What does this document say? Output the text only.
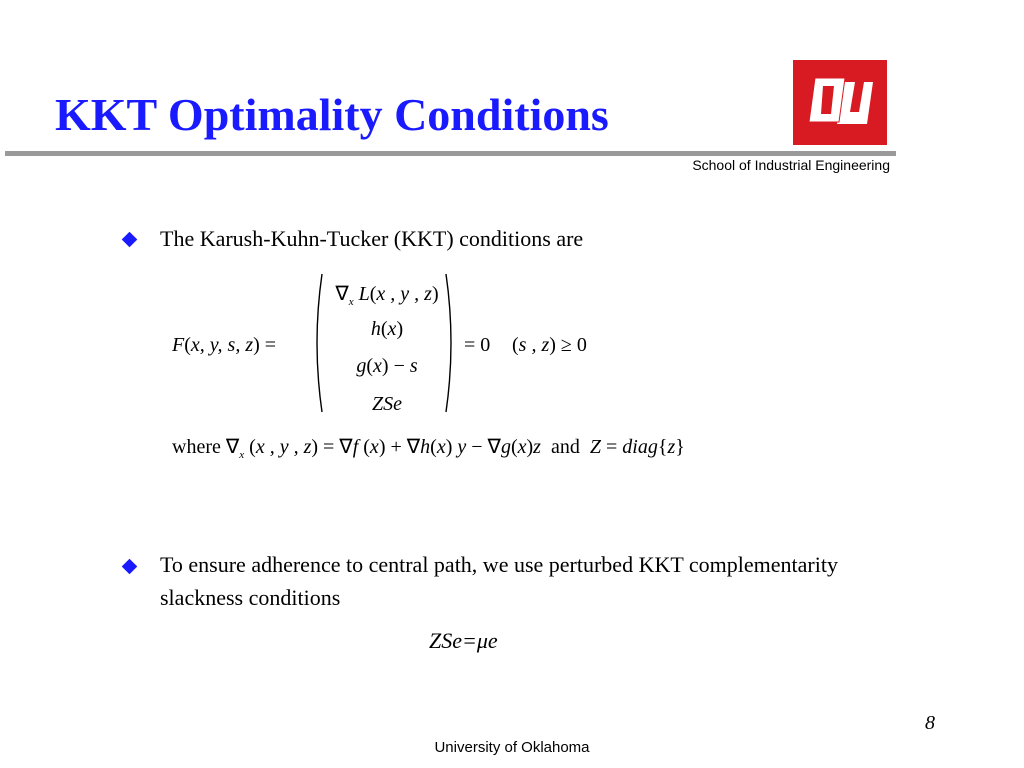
KKT Optimality Conditions
School of Industrial Engineering
The Karush-Kuhn-Tucker (KKT) conditions are
F(x, y, s, z) =
$\nabla_x$ L(x , y , z)
h(x)
g(x) − s
ZSe
= 0 (s , z) ≥ 0
where $\nabla_x$ (x , y , z) = ∇f (x) + ∇h(x) y − ∇g(x)z  and  Z = diag{z}
To ensure adherence to central path, we use perturbed KKT complementarity slackness conditions
ZSe=μe
8
University of Oklahoma
